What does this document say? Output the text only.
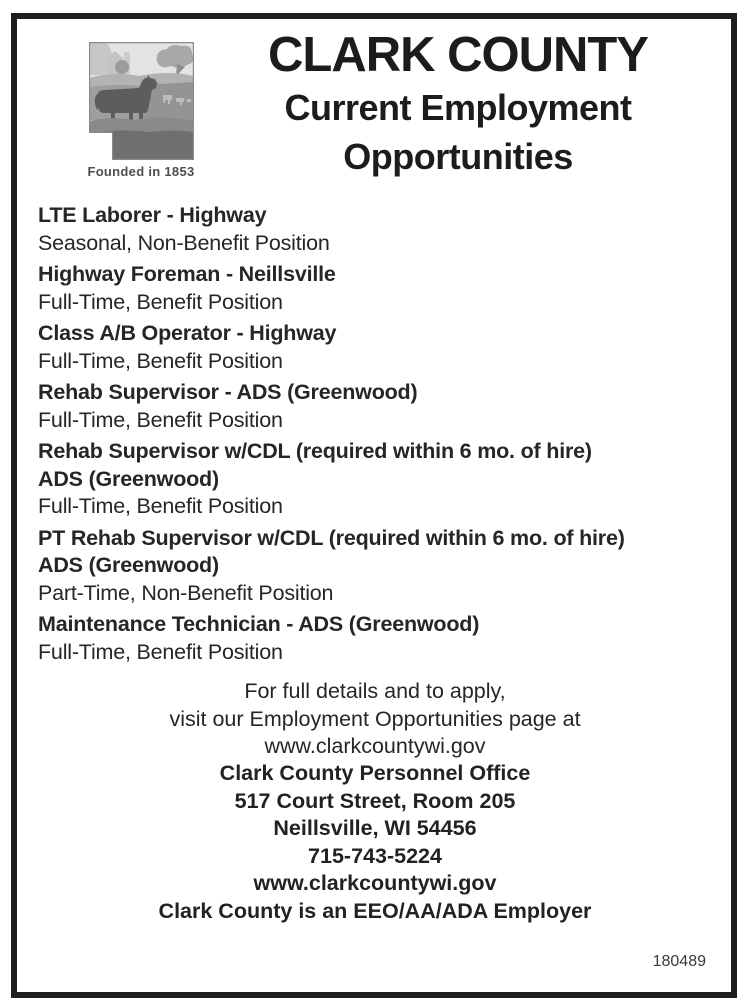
Founded in 1853
CLARK COUNTY
Current Employment
Opportunities
LTE Laborer - Highway
Seasonal, Non-Benefit Position
Highway Foreman - Neillsville
Full-Time, Benefit Position
Class A/B Operator - Highway
Full-Time, Benefit Position
Rehab Supervisor - ADS (Greenwood)
Full-Time, Benefit Position
Rehab Supervisor w/CDL (required within 6 mo. of hire)
ADS (Greenwood)
Full-Time, Benefit Position
PT Rehab Supervisor w/CDL (required within 6 mo. of hire)
ADS (Greenwood)
Part-Time, Non-Benefit Position
Maintenance Technician - ADS (Greenwood)
Full-Time, Benefit Position
For full details and to apply,
visit our Employment Opportunities page at
www.clarkcountywi.gov
Clark County Personnel Office
517 Court Street, Room 205
Neillsville, WI 54456
715-743-5224
www.clarkcountywi.gov
Clark County is an EEO/AA/ADA Employer
180489
